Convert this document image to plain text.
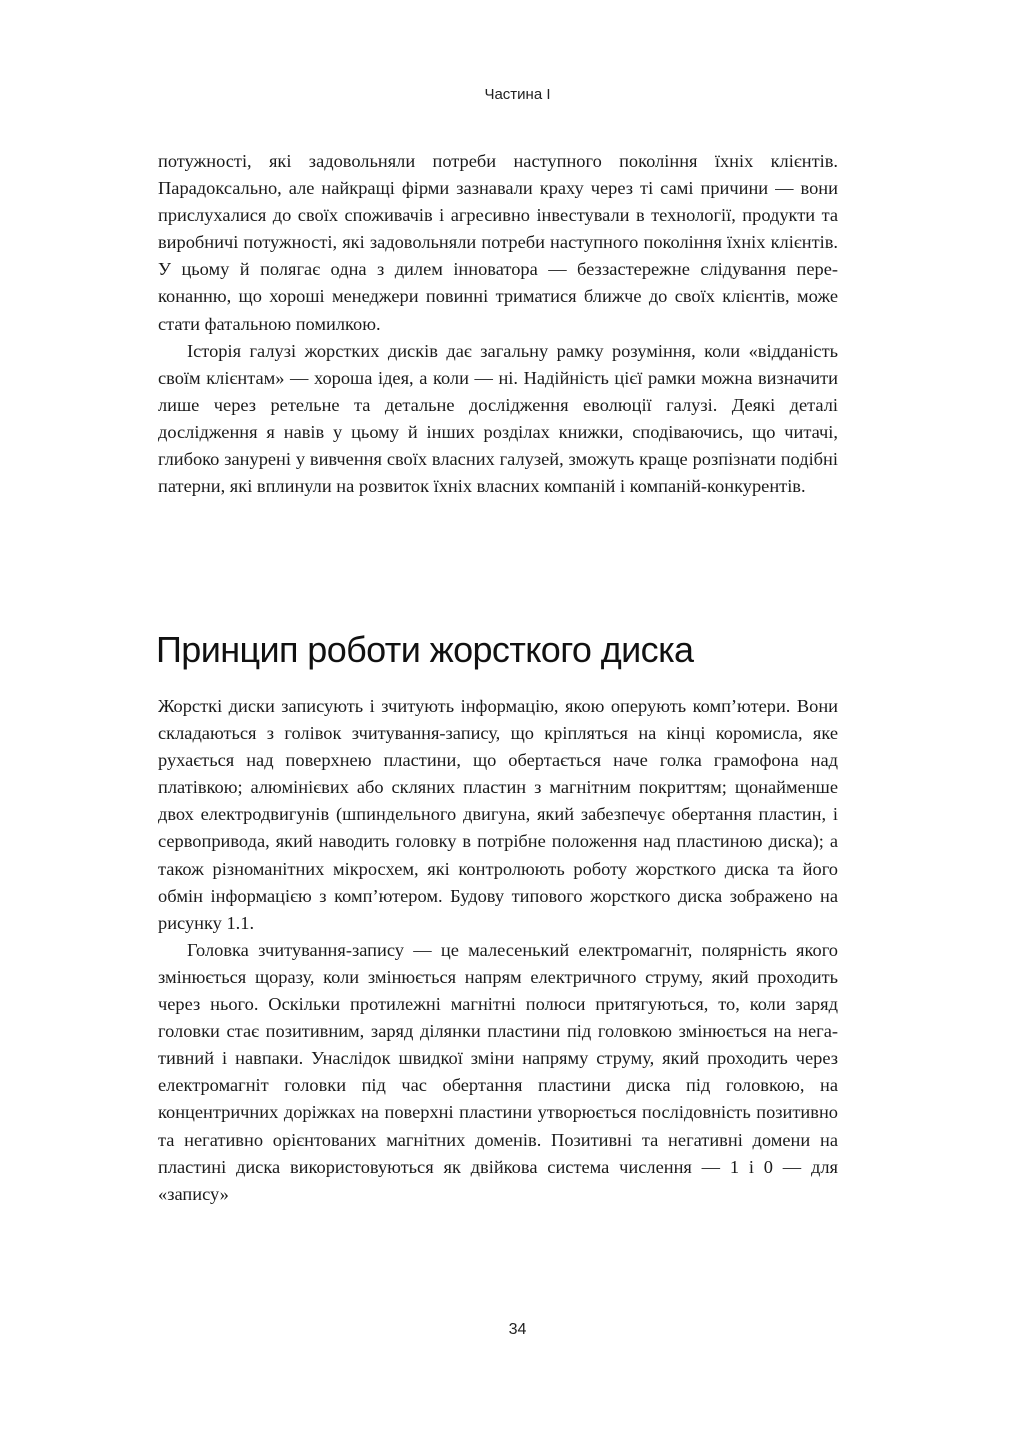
Частина І

потужності, які задовольняли потреби наступного покоління їхніх клієнтів. Парадоксально, але найкращі фірми зазнавали краху через ті самі причини — вони прислухалися до своїх споживачів і агресивно інвестували в технології, продукти та виробничі потужності, які задовольняли потреби наступного покоління їхніх клієнтів. У цьому й полягає одна з дилем інноватора — беззастережне слідування переконанню, що хороші менеджери повинні триматися ближче до своїх клієнтів, може стати фатальною помилкою.

Історія галузі жорстких дисків дає загальну рамку розуміння, коли «відданість своїм клієнтам» — хороша ідея, а коли — ні. Надійність цієї рамки можна визначити лише через ретельне та детальне дослідження еволюції галузі. Деякі деталі дослідження я навів у цьому й інших розділах книжки, сподіваючись, що читачі, глибоко занурені у вивчення своїх власних галузей, зможуть краще розпізнати подібні патерни, які вплинули на розвиток їхніх власних компаній і компаній-конкурентів.

Принцип роботи жорсткого диска

Жорсткі диски записують і зчитують інформацію, якою оперують комп’ютери. Вони складаються з голівок зчитування-запису, що кріпляться на кінці коромисла, яке рухається над поверхнею пластини, що обертається наче голка грамофона над платівкою; алюмінієвих або скляних пластин з магнітним покриттям; щонайменше двох електродвигунів (шпиндельного двигуна, який забезпечує обертання пластин, і сервопривода, який наводить головку в потрібне положення над пластиною диска); а також різноманітних мікросхем, які контролюють роботу жорсткого диска та його обмін інформацією з комп’ютером. Будову типового жорсткого диска зображено на рисунку 1.1.

Головка зчитування-запису — це малесенький електромагніт, полярність якого змінюється щоразу, коли змінюється напрям електричного струму, який проходить через нього. Оскільки протилежні магнітні полюси притягуються, то, коли заряд головки стає позитивним, заряд ділянки пластини під головкою змінюється на негативний і навпаки. Унаслідок швидкої зміни напряму струму, який проходить через електромагніт головки під час обертання пластини диска під головкою, на концентричних доріжках на поверхні пластини утворюється послідовність позитивно та негативно орієнтованих магнітних доменів. Позитивні та негативні домени на пластині диска використовуються як двійкова система числення — 1 і 0 — для «запису»

34
